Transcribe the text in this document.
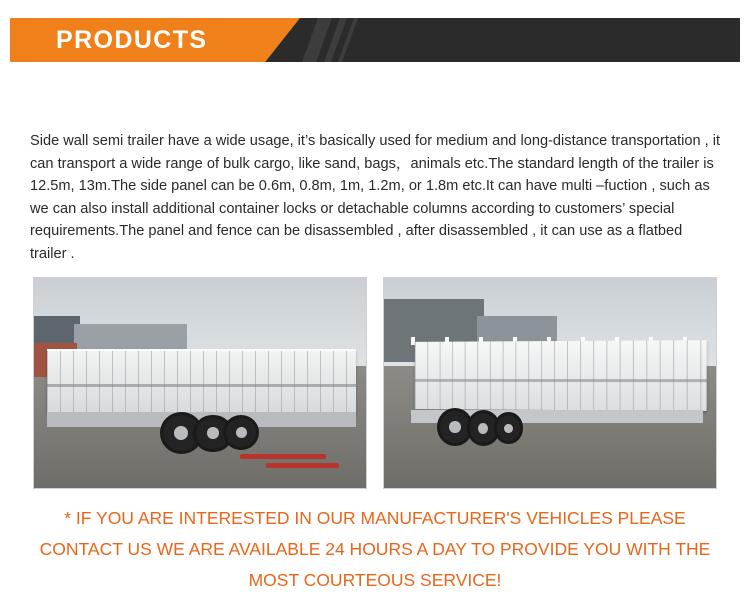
PRODUCTS
Side wall semi trailer have a wide usage, it’s basically used for medium and long-distance transportation , it can transport a wide range of bulk cargo, like sand, bags，animals etc.The standard length of the trailer is 12.5m, 13m.The side panel can be 0.6m, 0.8m, 1m, 1.2m, or 1.8m etc.It can have multi –fuction , such as we can also install additional container locks or detachable columns according to customers’ special requirements.The panel and fence can be disassembled , after disassembled , it can use as a flatbed trailer .
* IF YOU ARE INTERESTED IN OUR MANUFACTURER'S VEHICLES PLEASE CONTACT US WE ARE AVAILABLE 24 HOURS A DAY TO PROVIDE YOU WITH THE MOST COURTEOUS SERVICE!
